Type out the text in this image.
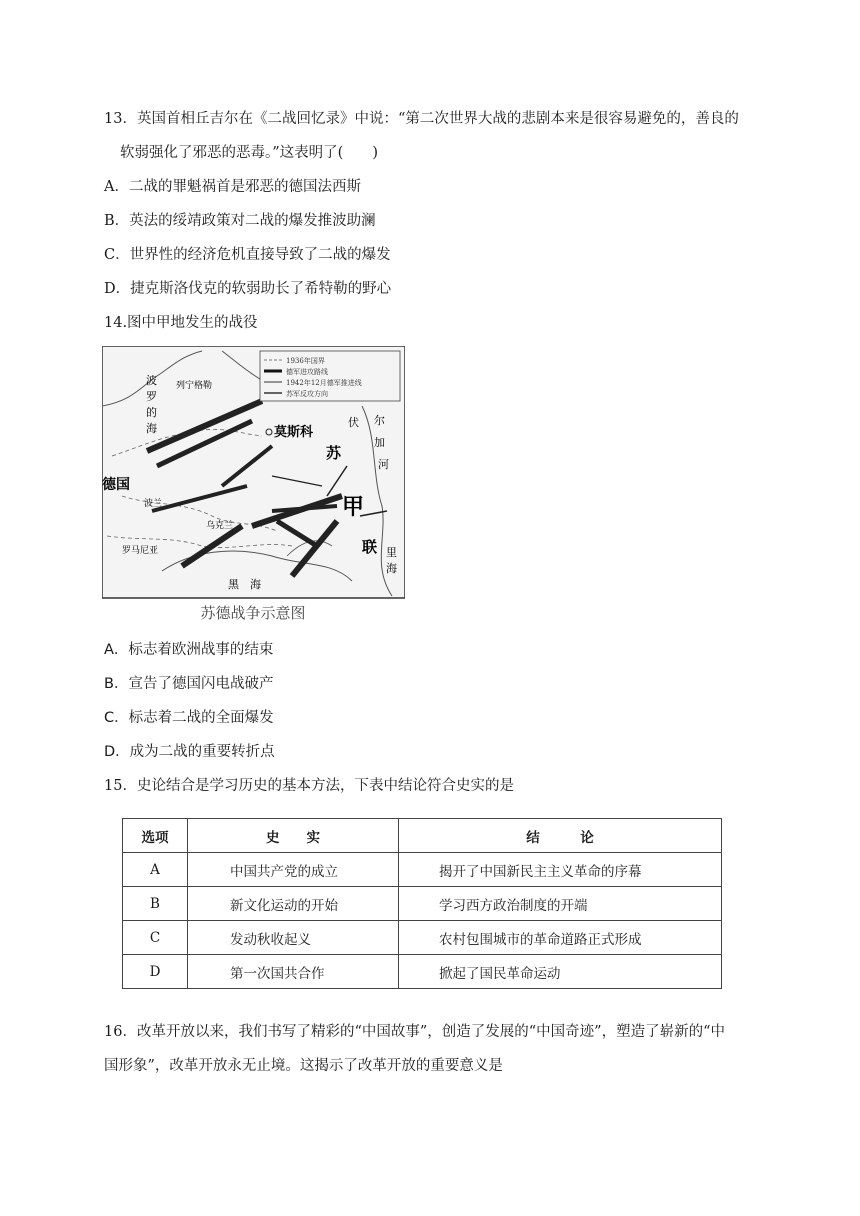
13．英国首相丘吉尔在《二战回忆录》中说：“第二次世界大战的悲剧本来是很容易避免的，善良的
软弱强化了邪恶的恶毒。”这表明了(　　)
A．二战的罪魁祸首是邪恶的德国法西斯
B．英法的绥靖政策对二战的爆发推波助澜
C．世界性的经济危机直接导致了二战的爆发
D．捷克斯洛伐克的软弱助长了希特勒的野心
14.图中甲地发生的战役
1936年国界
德军进攻路线
1942年12月德军推进线
苏军反攻方向
波
罗
的
海
列宁格勒
莫斯科
伏 尔
加
河
苏
联
德国
波兰
乌克兰
罗马尼亚
黑　海
甲
里
海
苏德战争示意图
A．标志着欧洲战事的结束
B．宣告了德国闪电战破产
C．标志着二战的全面爆发
D．成为二战的重要转折点
15．史论结合是学习历史的基本方法，下表中结论符合史实的是
选项	史　　实	结　　　论
A	中国共产党的成立	揭开了中国新民主主义革命的序幕
B	新文化运动的开始	学习西方政治制度的开端
C	发动秋收起义	农村包围城市的革命道路正式形成
D	第一次国共合作	掀起了国民革命运动
16．改革开放以来，我们书写了精彩的“中国故事”，创造了发展的“中国奇迹”，塑造了崭新的“中
国形象”，改革开放永无止境。这揭示了改革开放的重要意义是
